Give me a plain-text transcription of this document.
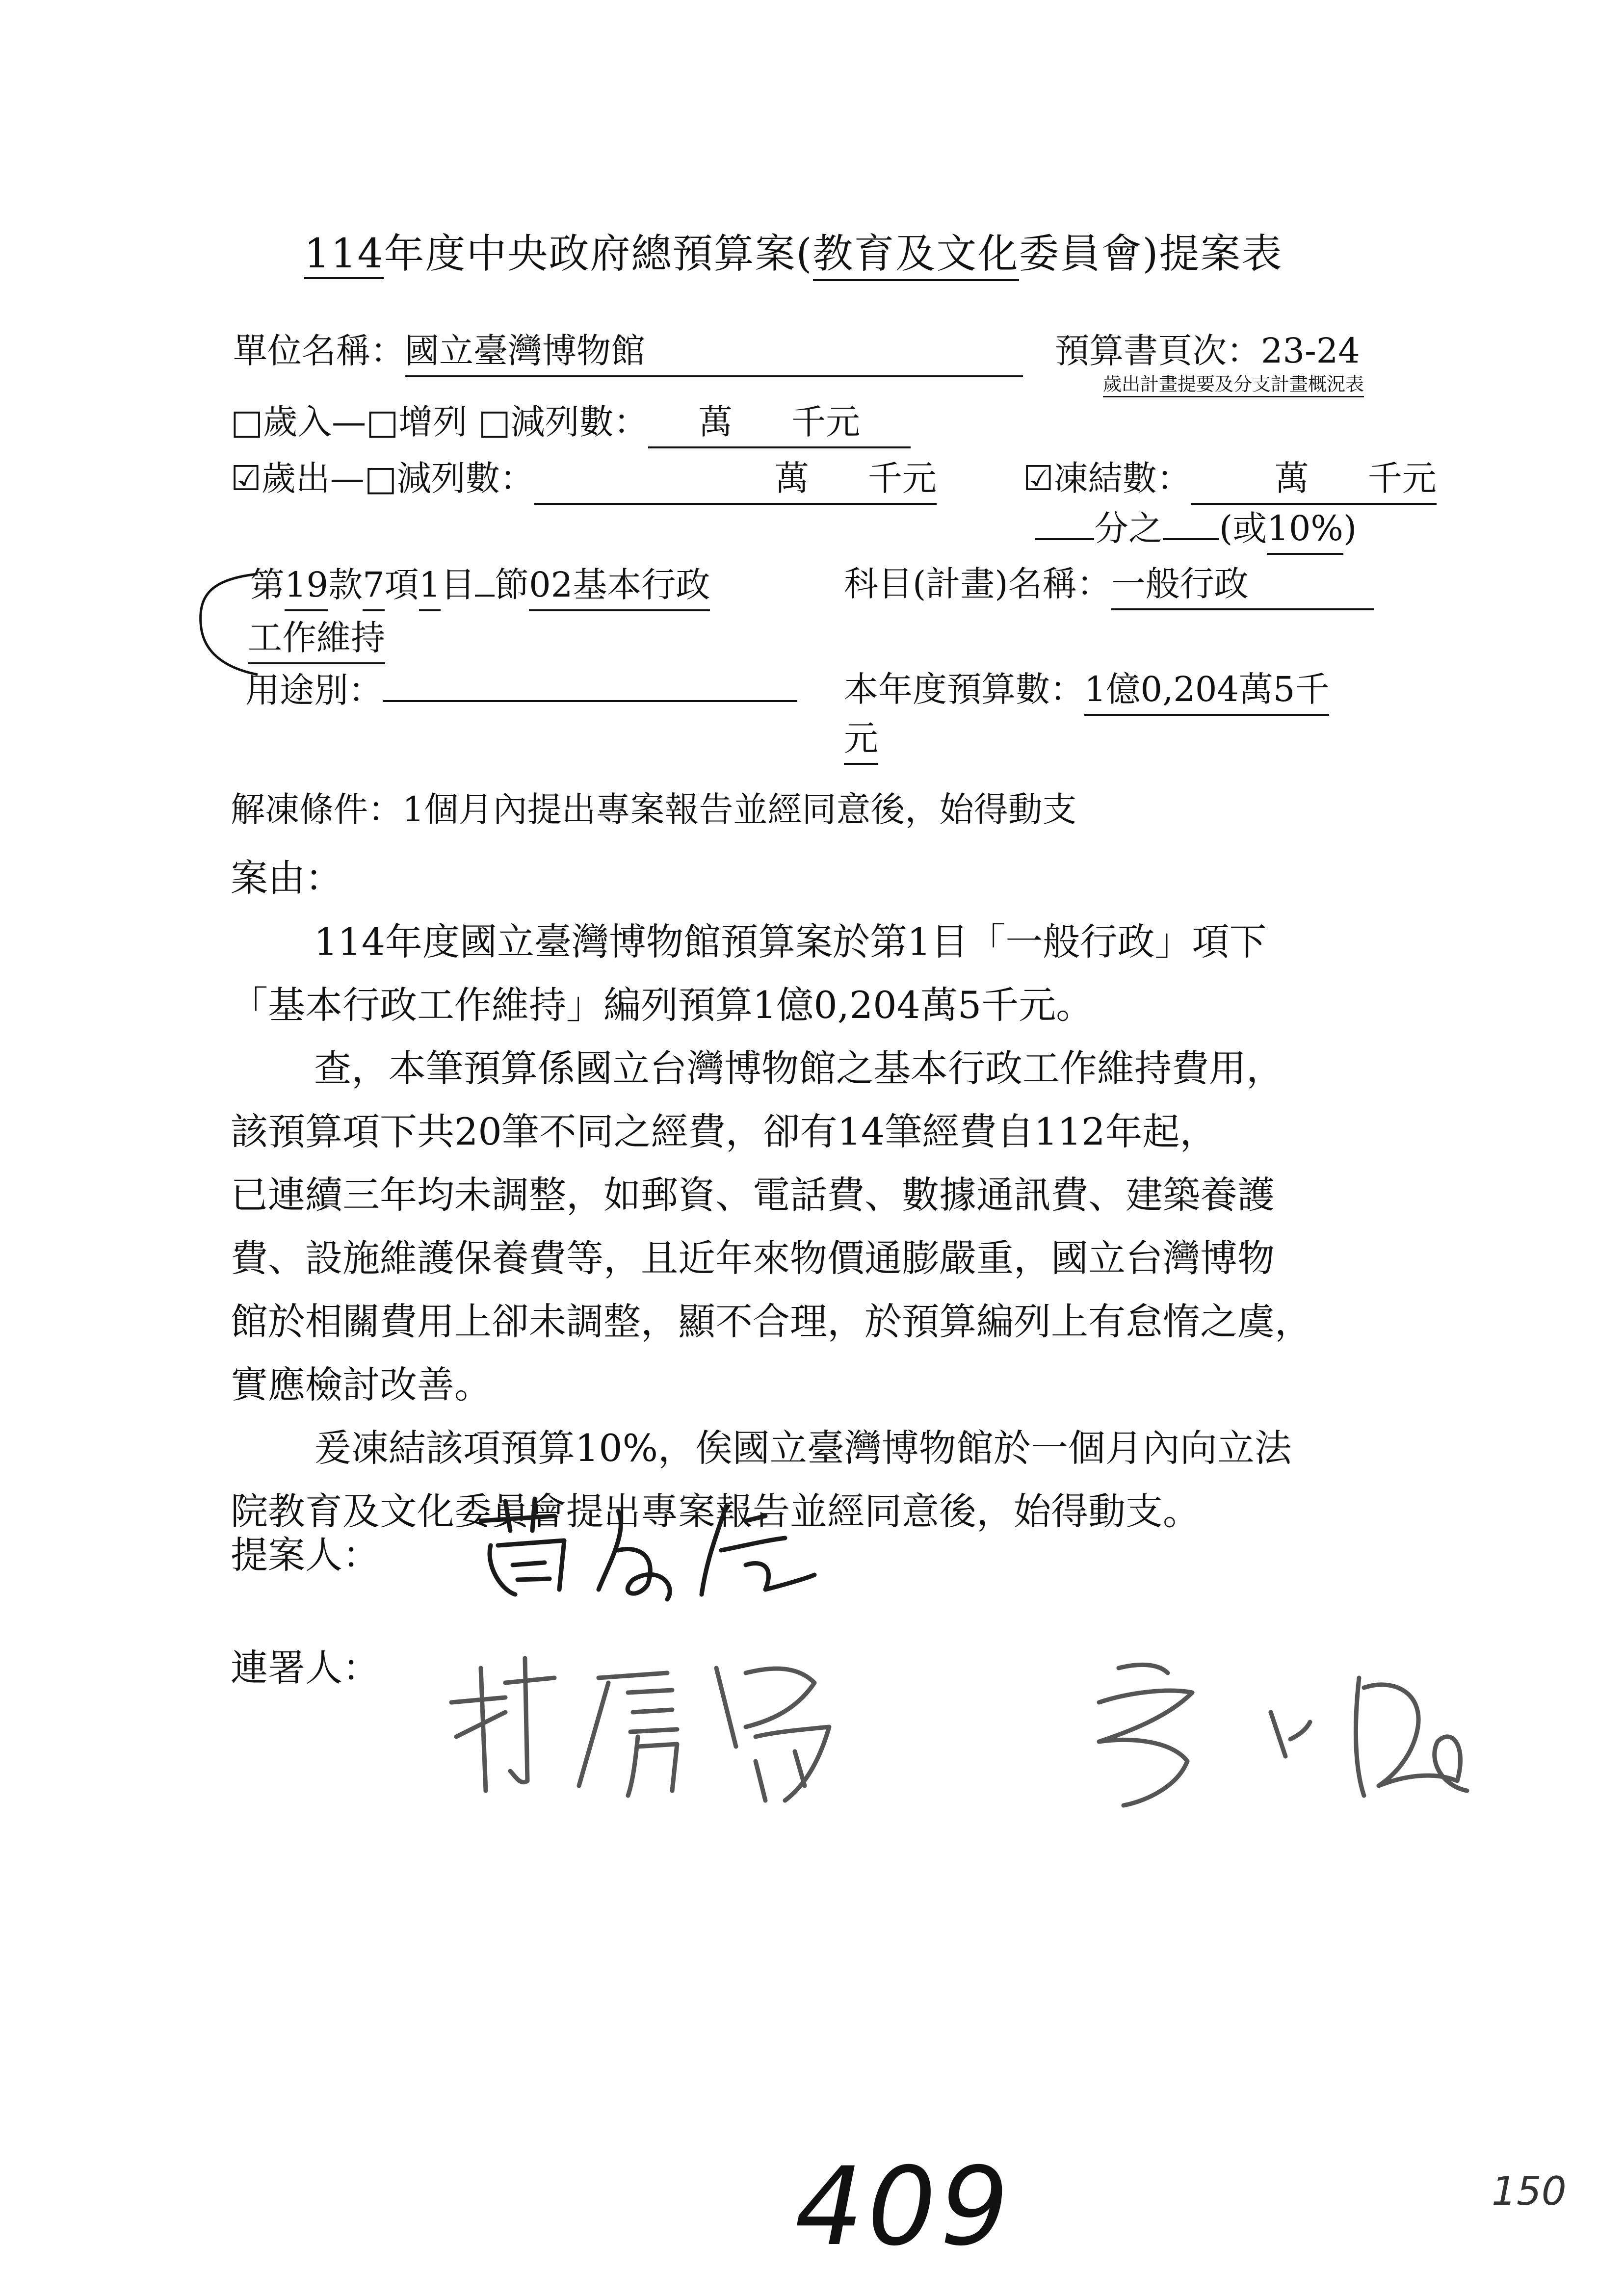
114年度中央政府總預算案(教育及文化委員會)提案表
單位名稱：國立臺灣博物館	預算書頁次：23-24
歲出計畫提要及分支計畫概況表
□歲入—□增列 □減列數： 萬 千元
☑歲出—□減列數：	萬 千元	☑凍結數： 萬 千元
分之 (或10%)
第19款7項1目 節02基本行政
工作維持
科目(計畫)名稱：一般行政
用途別：	本年度預算數：1億0,204萬5千
元
解凍條件：1個月內提出專案報告並經同意後，始得動支
案由：
114年度國立臺灣博物館預算案於第1目「一般行政」項下
「基本行政工作維持」編列預算1億0,204萬5千元。
查，本筆預算係國立台灣博物館之基本行政工作維持費用，
該預算項下共20筆不同之經費，卻有14筆經費自112年起，
已連續三年均未調整，如郵資、電話費、數據通訊費、建築養護
費、設施維護保養費等，且近年來物價通膨嚴重，國立台灣博物
館於相關費用上卻未調整，顯不合理，於預算編列上有怠惰之虞，
實應檢討改善。
爰凍結該項預算10%，俟國立臺灣博物館於一個月內向立法
院教育及文化委員會提出專案報告並經同意後，始得動支。
提案人：
連署人：
409	150
